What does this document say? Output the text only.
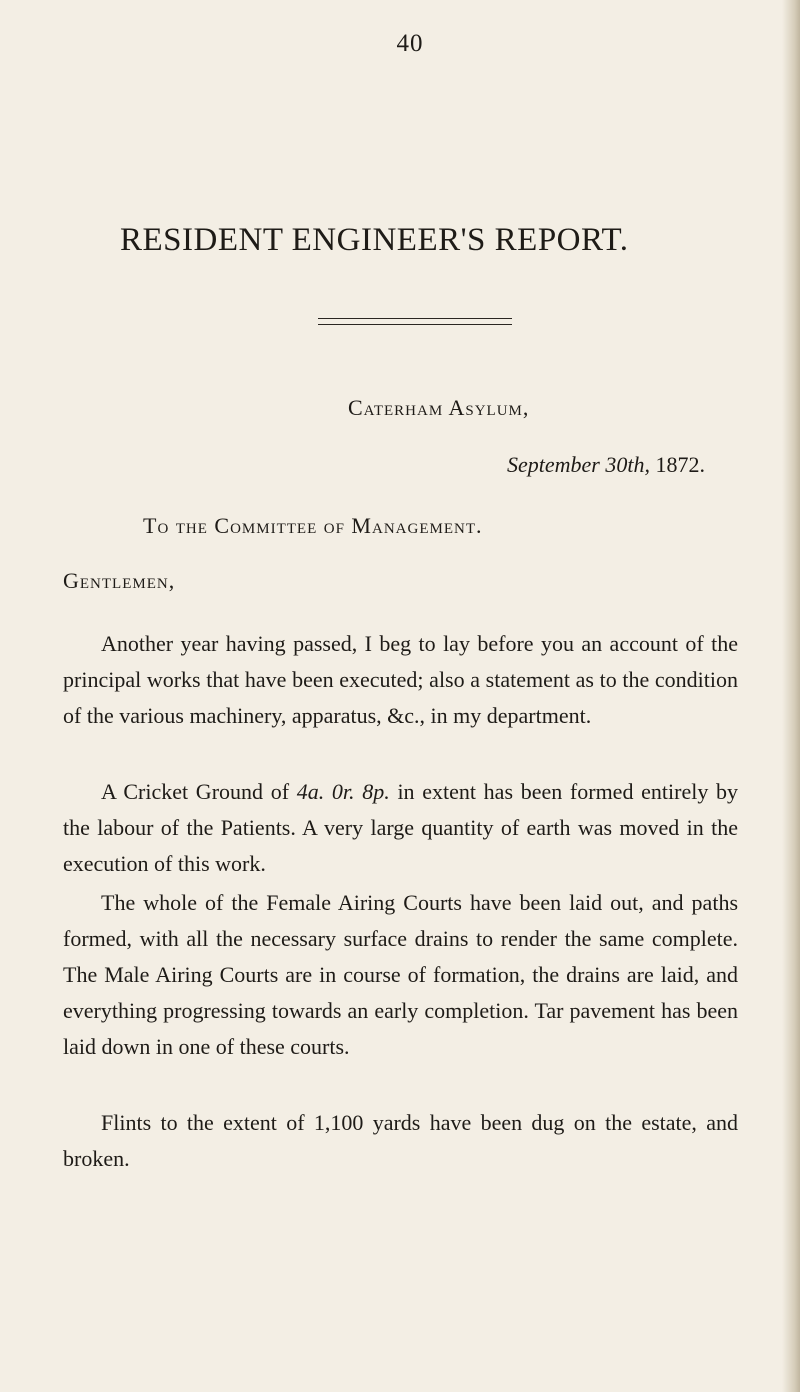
40
RESIDENT ENGINEER'S REPORT.
Caterham Asylum,
September 30th, 1872.
To the Committee of Management.
Gentlemen,
Another year having passed, I beg to lay before you an account of the principal works that have been executed; also a statement as to the condition of the various machinery, apparatus, &c., in my department.
A Cricket Ground of 4a. 0r. 8p. in extent has been formed entirely by the labour of the Patients. A very large quantity of earth was moved in the execution of this work.
The whole of the Female Airing Courts have been laid out, and paths formed, with all the necessary surface drains to render the same complete. The Male Airing Courts are in course of formation, the drains are laid, and everything progressing towards an early completion. Tar pavement has been laid down in one of these courts.
Flints to the extent of 1,100 yards have been dug on the estate, and broken.
